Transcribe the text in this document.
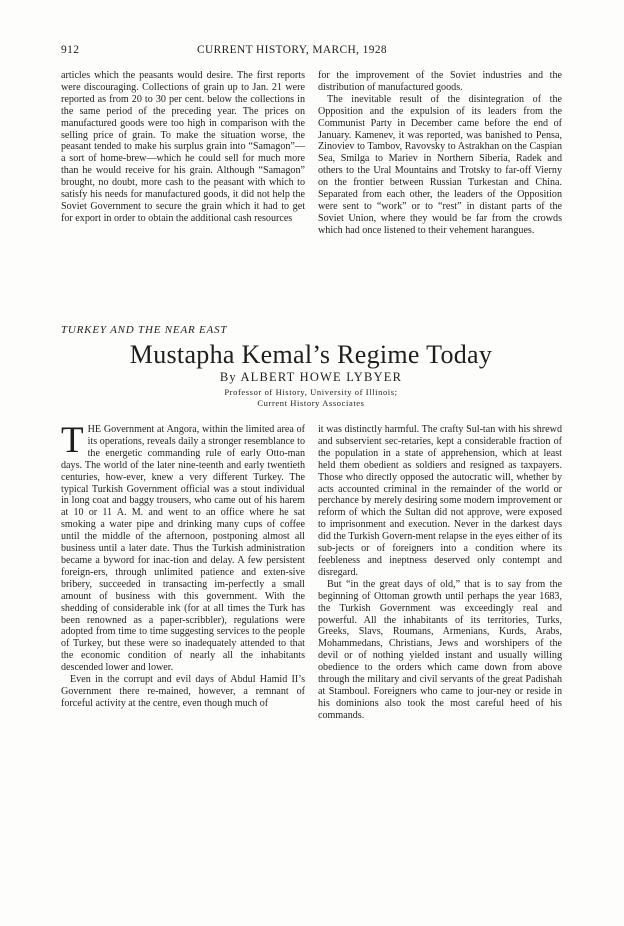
912	CURRENT HISTORY, MARCH, 1928

articles which the peasants would desire. The first reports were discouraging. Collections of grain up to Jan. 21 were reported as from 20 to 30 per cent. below the collections in the same period of the preceding year. The prices on manufactured goods were too high in comparison with the selling price of grain. To make the situation worse, the peasant tended to make his surplus grain into “Samagon”—a sort of home-brew—which he could sell for much more than he would receive for his grain. Although “Samagon” brought, no doubt, more cash to the peasant with which to satisfy his needs for manufactured goods, it did not help the Soviet Government to secure the grain which it had to get for export in order to obtain the additional cash resources

for the improvement of the Soviet industries and the distribution of manufactured goods.

The inevitable result of the disintegration of the Opposition and the expulsion of its leaders from the Communist Party in December came before the end of January. Kamenev, it was reported, was banished to Pensa, Zinoviev to Tambov, Ravovsky to Astrakhan on the Caspian Sea, Smilga to Mariev in Northern Siberia, Radek and others to the Ural Mountains and Trotsky to far-off Vierny on the frontier between Russian Turkestan and China. Separated from each other, the leaders of the Opposition were sent to “work” or to “rest” in distant parts of the Soviet Union, where they would be far from the crowds which had once listened to their vehement harangues.

TURKEY AND THE NEAR EAST
Mustapha Kemal’s Regime Today
By ALBERT HOWE LYBYER
Professor of History, University of Illinois;
Current History Associates

THE Government at Angora, within the limited area of its operations, reveals daily a stronger resemblance to the energetic commanding rule of early Otto-man days. The world of the later nine-teenth and early twentieth centuries, how-ever, knew a very different Turkey. The typical Turkish Government official was a stout individual in long coat and baggy trousers, who came out of his harem at 10 or 11 A. M. and went to an office where he sat smoking a water pipe and drinking many cups of coffee until the middle of the afternoon, postponing almost all business until a later date. Thus the Turkish administration became a byword for inac-tion and delay. A few persistent foreign-ers, through unlimited patience and exten-sive bribery, succeeded in transacting im-perfectly a small amount of business with this government. With the shedding of considerable ink (for at all times the Turk has been renowned as a paper-scribbler), regulations were adopted from time to time suggesting services to the people of Turkey, but these were so inadequately attended to that the economic condition of nearly all the inhabitants descended lower and lower.

Even in the corrupt and evil days of Abdul Hamid II’s Government there re-mained, however, a remnant of forceful activity at the centre, even though much of

it was distinctly harmful. The crafty Sul-tan with his shrewd and subservient sec-retaries, kept a considerable fraction of the population in a state of apprehension, which at least held them obedient as soldiers and resigned as taxpayers. Those who directly opposed the autocratic will, whether by acts accounted criminal in the remainder of the world or perchance by merely desiring some modern improvement or reform of which the Sultan did not approve, were exposed to imprisonment and execution. Never in the darkest days did the Turkish Govern-ment relapse in the eyes either of its sub-jects or of foreigners into a condition where its feebleness and ineptness deserved only contempt and disregard.

But “in the great days of old,” that is to say from the beginning of Ottoman growth until perhaps the year 1683, the Turkish Government was exceedingly real and powerful. All the inhabitants of its territories, Turks, Greeks, Slavs, Roumans, Armenians, Kurds, Arabs, Mohammedans, Christians, Jews and worshipers of the devil or of nothing yielded instant and usually willing obedience to the orders which came down from above through the military and civil servants of the great Padishah at Stamboul. Foreigners who came to jour-ney or reside in his dominions also took the most careful heed of his commands.
